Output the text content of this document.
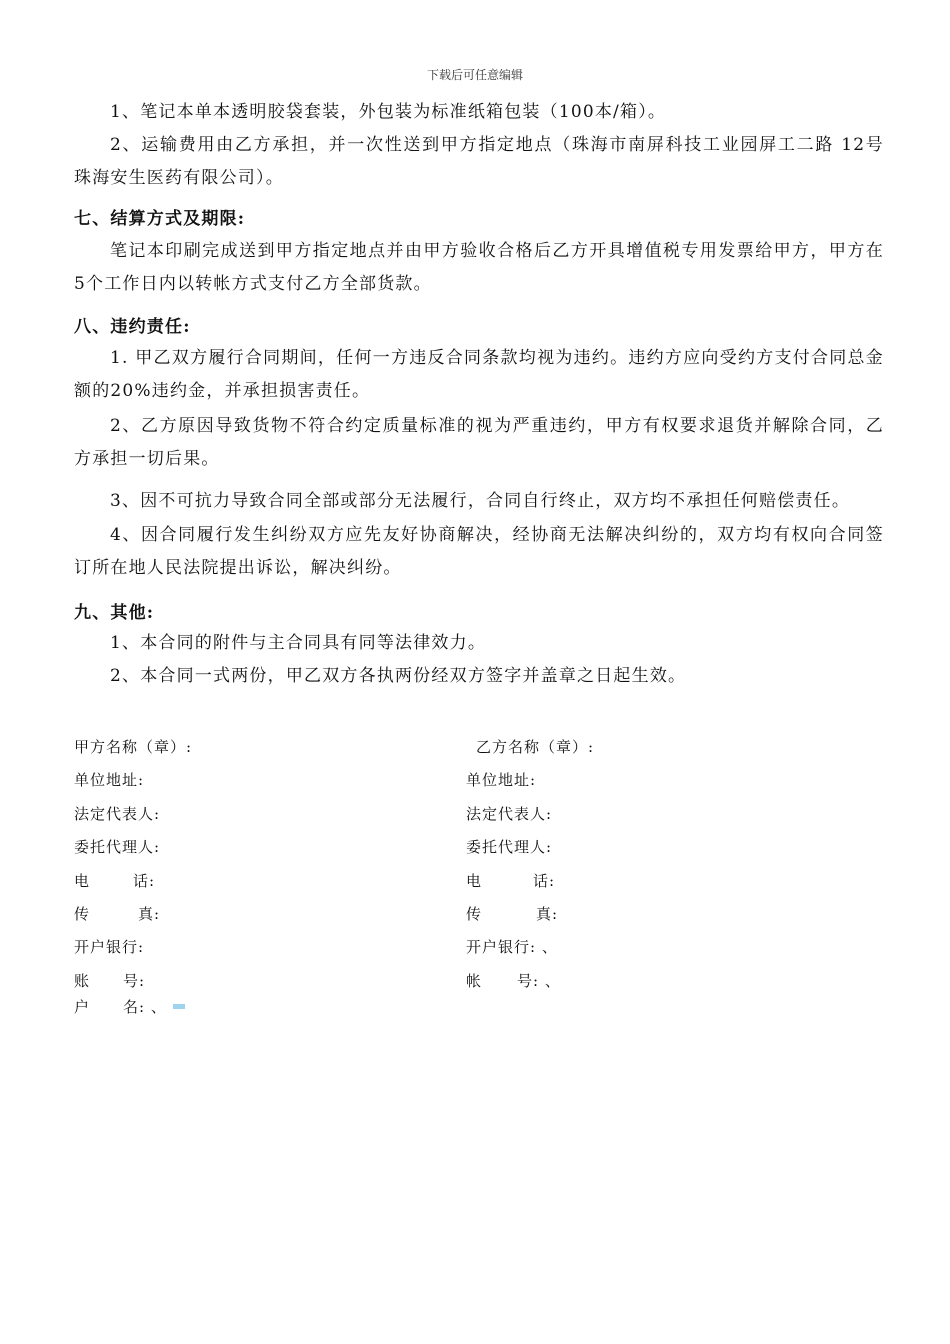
下载后可任意编辑
1、笔记本单本透明胶袋套装，外包装为标准纸箱包装（100本/箱）。
2、运输费用由乙方承担，并一次性送到甲方指定地点（珠海市南屏科技工业园屏工二路 12号 珠海安生医药有限公司）。
七、结算方式及期限:
笔记本印刷完成送到甲方指定地点并由甲方验收合格后乙方开具增值税专用发票给甲方，甲方在5个工作日内以转帐方式支付乙方全部货款。
八、违约责任:
1. 甲乙双方履行合同期间，任何一方违反合同条款均视为违约。违约方应向受约方支付合同总金额的20%违约金，并承担损害责任。
2、乙方原因导致货物不符合约定质量标准的视为严重违约，甲方有权要求退货并解除合同，乙方承担一切后果。
3、因不可抗力导致合同全部或部分无法履行，合同自行终止，双方均不承担任何赔偿责任。
4、因合同履行发生纠纷双方应先友好协商解决，经协商无法解决纠纷的，双方均有权向合同签订所在地人民法院提出诉讼，解决纠纷。
九、其他:
1、本合同的附件与主合同具有同等法律效力。
2、本合同一式两份，甲乙双方各执两份经双方签字并盖章之日起生效。
甲方名称（章）:
单位地址:
法定代表人:
委托代理人:
电	话:
传	真:
开户银行:
账 号:
户 名: 、
乙方名称（章）:
单位地址:
法定代表人:
委托代理人:
电	话:
传	真:
开户银行: 、
帐 号: 、
